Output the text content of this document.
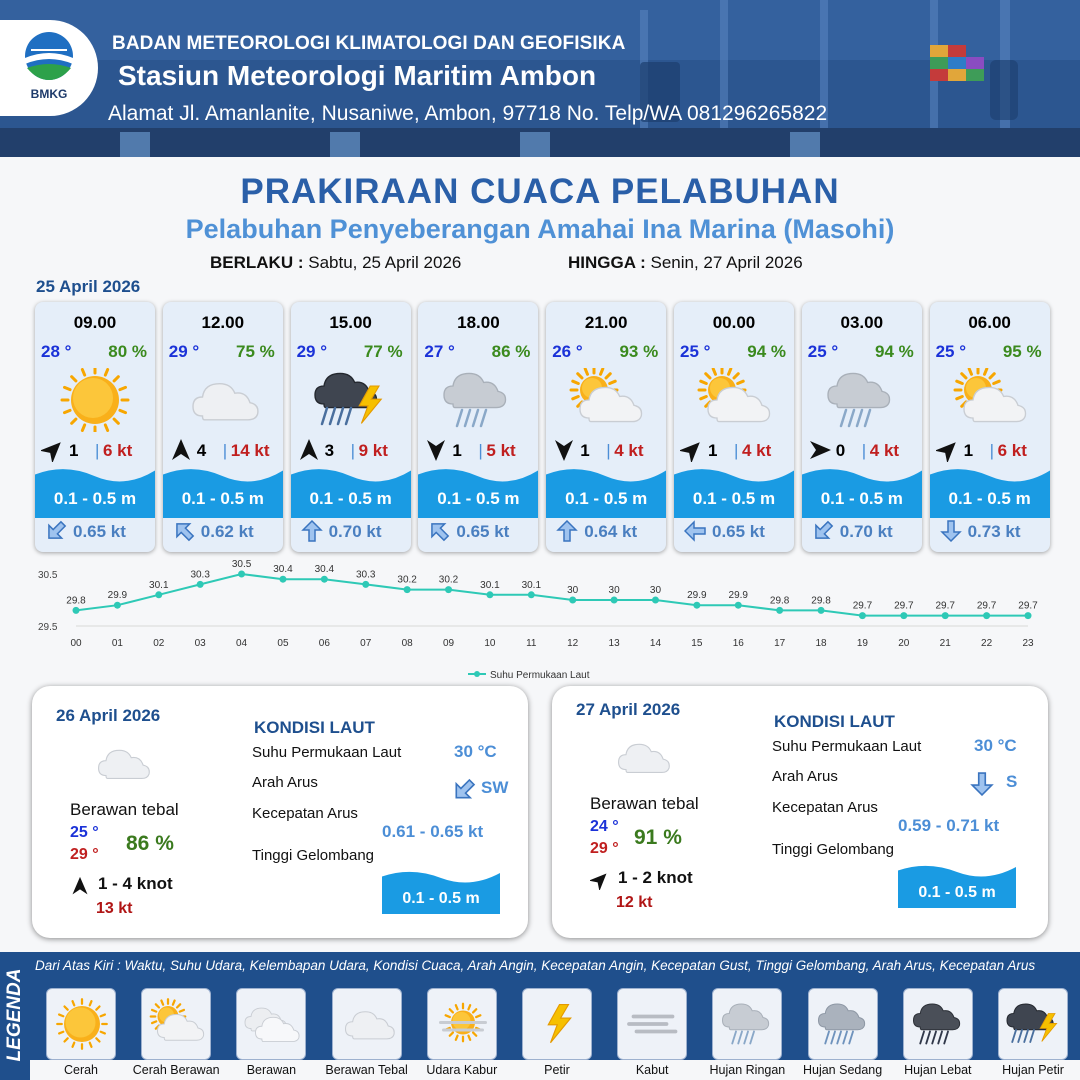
BMKG
BADAN METEOROLOGI KLIMATOLOGI DAN GEOFISIKA
Stasiun Meteorologi Maritim Ambon
Alamat Jl. Amanlanite, Nusaniwe, Ambon, 97718 No. Telp/WA 081296265822
PRAKIRAAN CUACA PELABUHAN
Pelabuhan Penyeberangan Amahai Ina Marina (Masohi)
BERLAKU : Sabtu, 25 April 2026	HINGGA : Senin, 27 April 2026
25 April 2026
09.00
28 ° 80 %
1 | 6 kt
0.1 - 0.5 m
0.65 kt
12.00
29 ° 75 %
4 | 14 kt
0.1 - 0.5 m
0.62 kt
15.00
29 ° 77 %
3 | 9 kt
0.1 - 0.5 m
0.70 kt
18.00
27 ° 86 %
1 | 5 kt
0.1 - 0.5 m
0.65 kt
21.00
26 ° 93 %
1 | 4 kt
0.1 - 0.5 m
0.64 kt
00.00
25 ° 94 %
1 | 4 kt
0.1 - 0.5 m
0.65 kt
03.00
25 ° 94 %
0 | 4 kt
0.1 - 0.5 m
0.70 kt
06.00
25 ° 95 %
1 | 6 kt
0.1 - 0.5 m
0.73 kt
30.5
29.5
29.8
00
29.9
01
30.1
02
30.3
03
30.5
04
30.4
05
30.4
06
30.3
07
30.2
08
30.2
09
30.1
10
30.1
11
30
12
30
13
30
14
29.9
15
29.9
16
29.8
17
29.8
18
29.7
19
29.7
20
29.7
21
29.7
22
29.7
23
Suhu Permukaan Laut
26 April 2026
Berawan tebal
25 °
29 ° 86 %
1 - 4 knot
13 kt
KONDISI LAUT
Suhu Permukaan Laut	30 °C
Arah Arus	SW
Kecepatan Arus
0.61 - 0.65 kt
Tinggi Gelombang
0.1 - 0.5 m
27 April 2026
Berawan tebal
24 °
29 ° 91 %
1 - 2 knot
12 kt
KONDISI LAUT
Suhu Permukaan Laut	30 °C
Arah Arus	S
Kecepatan Arus
0.59 - 0.71 kt
Tinggi Gelombang
0.1 - 0.5 m
LEGENDA
Dari Atas Kiri : Waktu, Suhu Udara, Kelembapan Udara, Kondisi Cuaca, Arah Angin, Kecepatan Angin, Kecepatan Gust, Tinggi Gelombang, Arah Arus, Kecepatan Arus
Cerah	Cerah Berawan	Berawan	Berawan Tebal	Udara Kabur	Petir	Kabut	Hujan Ringan	Hujan Sedang	Hujan Lebat	Hujan Petir
